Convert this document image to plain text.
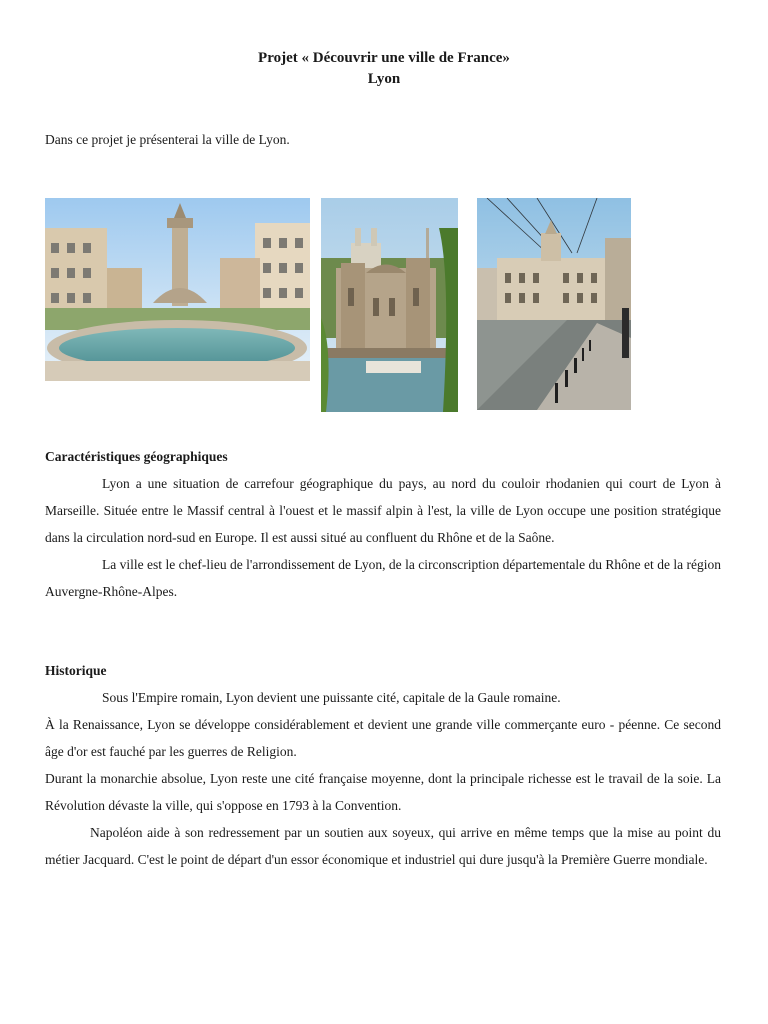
Projet « Découvrir une ville de France»
Lyon
Dans ce projet je présenterai la ville de Lyon.

Caractéristiques géographiques

Lyon a une situation de carrefour géographique du pays, au nord du couloir rhodanien qui court de Lyon à Marseille. Située entre le Massif central à l'ouest et le massif alpin à l'est, la ville de Lyon occupe une position stratégique dans la circulation nord-sud en Europe. Il est aussi situé au confluent du Rhône et de la Saône.

La ville est le chef-lieu de l'arrondissement de Lyon, de la circonscription départementale du Rhône et de la région Auvergne-Rhône-Alpes.

Historique

Sous l'Empire romain, Lyon devient une puissante cité, capitale de la Gaule romaine.

À la Renaissance, Lyon se développe considérablement et devient une grande ville commerçante euro - péenne. Ce second âge d'or est fauché par les guerres de Religion.

Durant la monarchie absolue, Lyon reste une cité française moyenne, dont la principale richesse est le travail de la soie. La Révolution dévaste la ville, qui s'oppose en 1793 à la Convention.

Napoléon aide à son redressement par un soutien aux soyeux, qui arrive en même temps que la mise au point du métier Jacquard. C'est le point de départ d'un essor économique et industriel qui dure jusqu'à la Première Guerre mondiale.
